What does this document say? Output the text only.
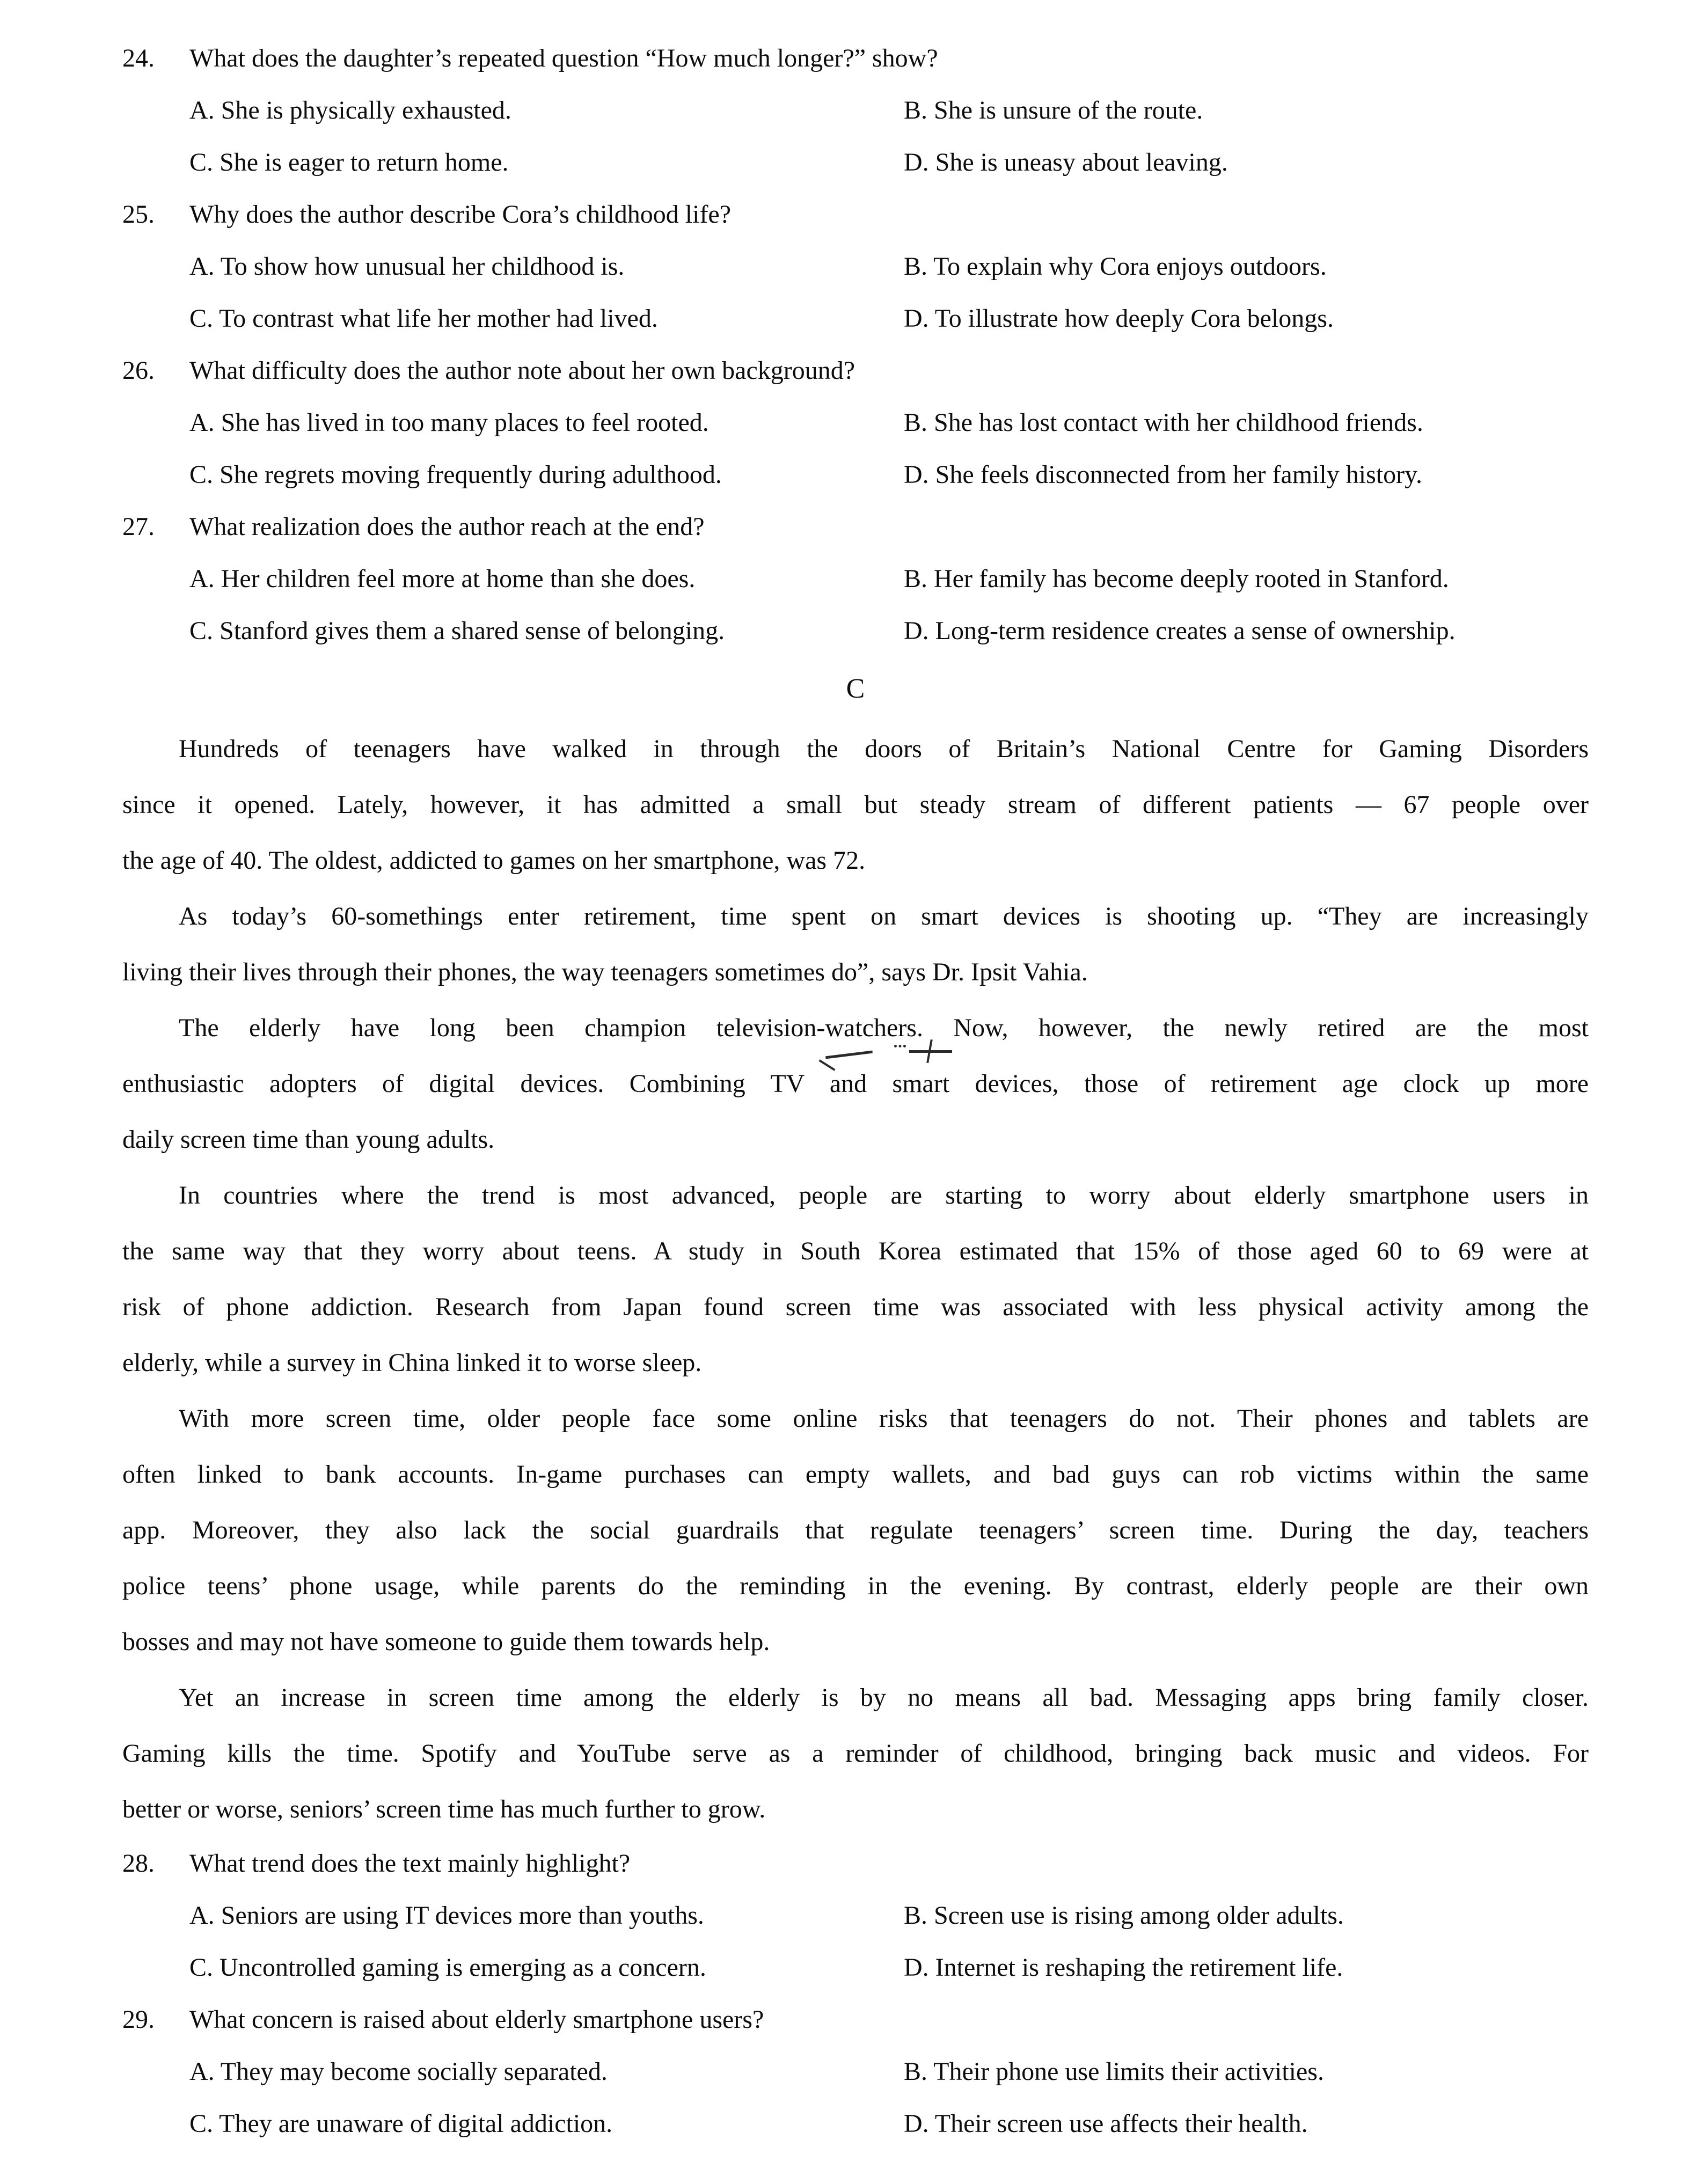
24. What does the daughter’s repeated question “How much longer?” show?
A. She is physically exhausted.	B. She is unsure of the route.
C. She is eager to return home.	D. She is uneasy about leaving.
25. Why does the author describe Cora’s childhood life?
A. To show how unusual her childhood is.	B. To explain why Cora enjoys outdoors.
C. To contrast what life her mother had lived.	D. To illustrate how deeply Cora belongs.
26. What difficulty does the author note about her own background?
A. She has lived in too many places to feel rooted.	B. She has lost contact with her childhood friends.
C. She regrets moving frequently during adulthood.	D. She feels disconnected from her family history.
27. What realization does the author reach at the end?
A. Her children feel more at home than she does.	B. Her family has become deeply rooted in Stanford.
C. Stanford gives them a shared sense of belonging.	D. Long-term residence creates a sense of ownership.
C
Hundreds of teenagers have walked in through the doors of Britain’s National Centre for Gaming Disorders
since it opened. Lately, however, it has admitted a small but steady stream of different patients — 67 people over
the age of 40. The oldest, addicted to games on her smartphone, was 72.
As today’s 60-somethings enter retirement, time spent on smart devices is shooting up. “They are increasingly
living their lives through their phones, the way teenagers sometimes do”, says Dr. Ipsit Vahia.
The elderly have long been champion television-watchers. Now, however, the newly retired are the most
enthusiastic adopters of digital devices. Combining TV
and smart devices, those of retirement age clock up more
daily screen time than young adults.
In countries where the trend is most advanced, people are starting to worry about elderly smartphone users in
the same way that they worry about teens. A study in South Korea estimated that 15% of those aged 60 to 69 were at
risk of phone addiction. Research from Japan found screen time was associated with less physical activity among the
elderly, while a survey in China linked it to worse sleep.
With more screen time, older people face some online risks that teenagers do not. Their phones and tablets are
often linked to bank accounts. In-game purchases can empty wallets, and bad guys can rob victims within the same
app. Moreover, they also lack the social guardrails that regulate teenagers’ screen time. During the day, teachers
police teens’ phone usage, while parents do the reminding in the evening. By contrast, elderly people are their own
bosses and may not have someone to guide them towards help.
Yet an increase in screen time among the elderly is by no means all bad. Messaging apps bring family closer.
Gaming kills the time. Spotify and YouTube serve as a reminder of childhood, bringing back music and videos. For
better or worse, seniors’ screen time has much further to grow.
28. What trend does the text mainly highlight?
A. Seniors are using IT devices more than youths.	B. Screen use is rising among older adults.
C. Uncontrolled gaming is emerging as a concern.	D. Internet is reshaping the retirement life.
29. What concern is raised about elderly smartphone users?
A. They may become socially separated.	B. Their phone use limits their activities.
C. They are unaware of digital addiction.	D. Their screen use affects their health.
